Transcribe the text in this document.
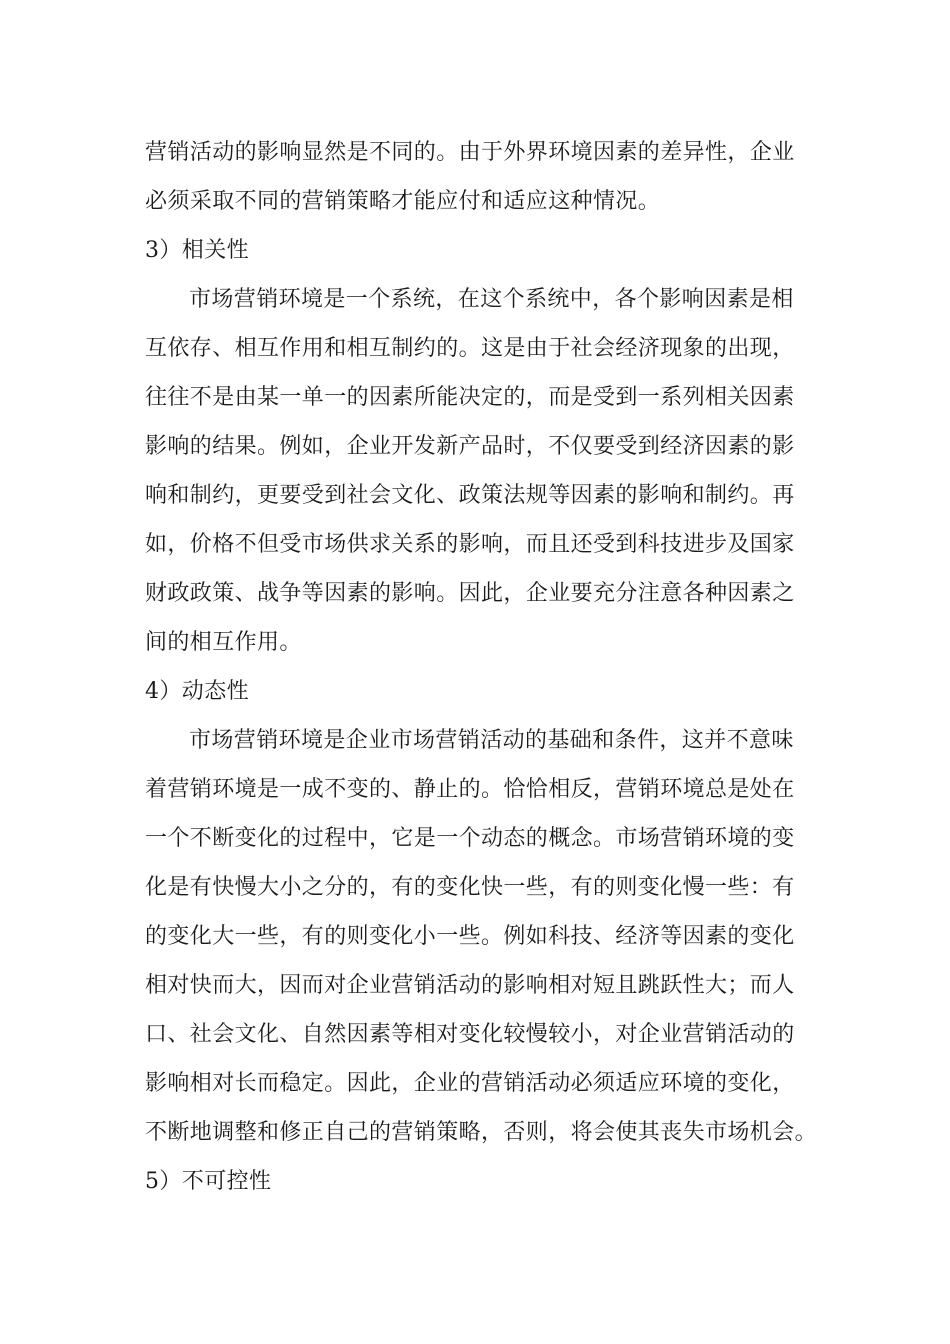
营销活动的影响显然是不同的。由于外界环境因素的差异性，企业
必须采取不同的营销策略才能应付和适应这种情况。
3）相关性
市场营销环境是一个系统，在这个系统中，各个影响因素是相
互依存、相互作用和相互制约的。这是由于社会经济现象的出现，
往往不是由某一单一的因素所能决定的，而是受到一系列相关因素
影响的结果。例如，企业开发新产品时，不仅要受到经济因素的影
响和制约，更要受到社会文化、政策法规等因素的影响和制约。再
如，价格不但受市场供求关系的影响，而且还受到科技进步及国家
财政政策、战争等因素的影响。因此，企业要充分注意各种因素之
间的相互作用。
4）动态性
市场营销环境是企业市场营销活动的基础和条件，这并不意味
着营销环境是一成不变的、静止的。恰恰相反，营销环境总是处在
一个不断变化的过程中，它是一个动态的概念。市场营销环境的变
化是有快慢大小之分的，有的变化快一些，有的则变化慢一些：有
的变化大一些，有的则变化小一些。例如科技、经济等因素的变化
相对快而大，因而对企业营销活动的影响相对短且跳跃性大；而人
口、社会文化、自然因素等相对变化较慢较小，对企业营销活动的
影响相对长而稳定。因此，企业的营销活动必须适应环境的变化，
不断地调整和修正自己的营销策略，否则，将会使其丧失市场机会。
5）不可控性
